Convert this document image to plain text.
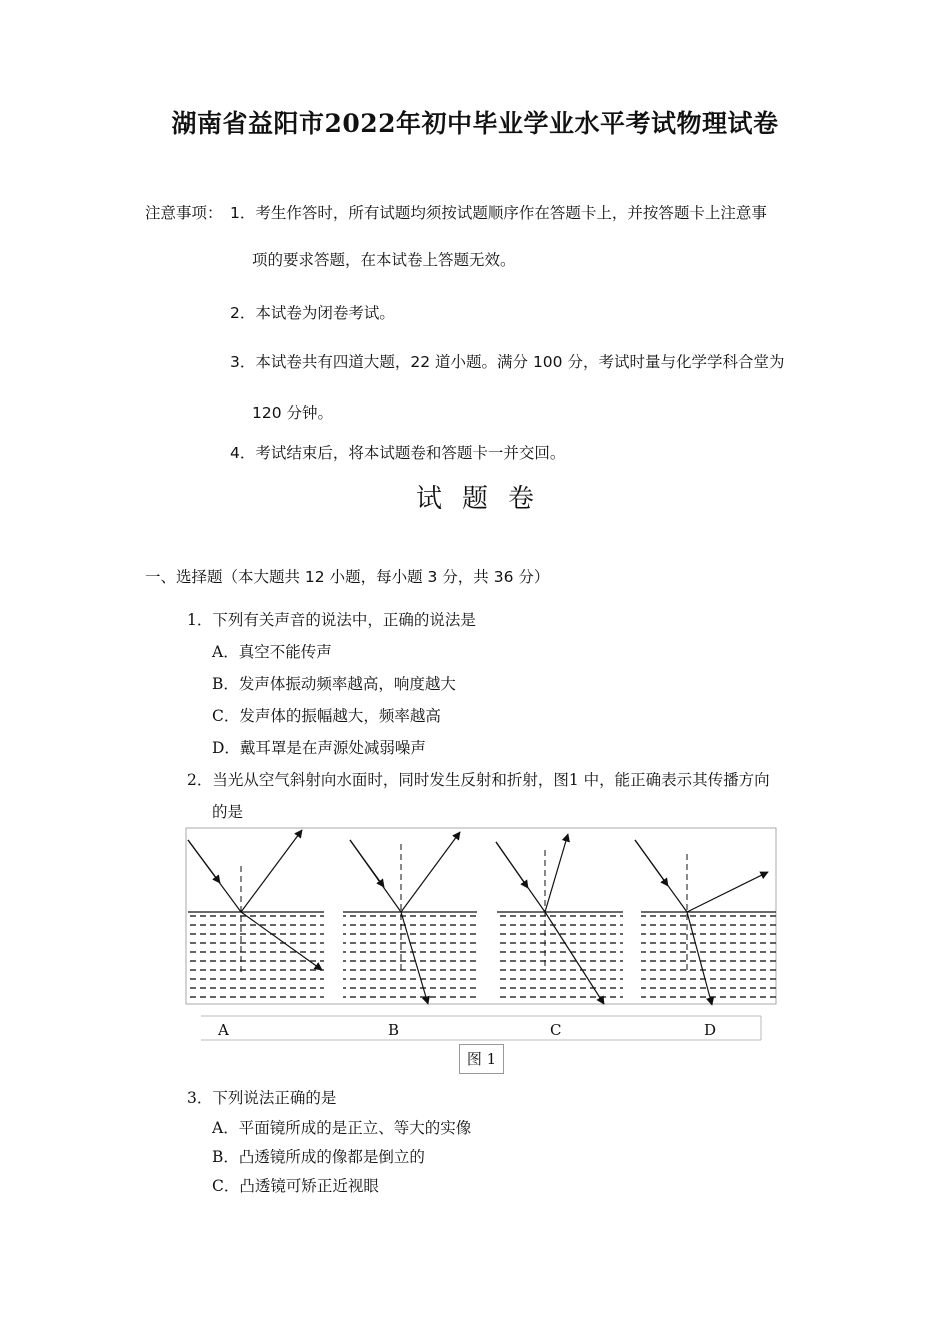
湖南省益阳市2022年初中毕业学业水平考试物理试卷
注意事项： 1．考生作答时，所有试题均须按试题顺序作在答题卡上，并按答题卡上注意事
项的要求答题，在本试卷上答题无效。
2．本试卷为闭卷考试。
3．本试卷共有四道大题，22 道小题。满分 100 分，考试时量与化学学科合堂为
120 分钟。
4．考试结束后，将本试题卷和答题卡一并交回。
试题卷
一、选择题（本大题共 12 小题，每小题 3 分，共 36 分）
1．下列有关声音的说法中，正确的说法是
A．真空不能传声
B．发声体振动频率越高，响度越大
C．发声体的振幅越大，频率越高
D．戴耳罩是在声源处减弱噪声
2．当光从空气斜射向水面时，同时发生反射和折射，图1 中，能正确表示其传播方向
的是
A	B	C	D
图 1
3．下列说法正确的是
A．平面镜所成的是正立、等大的实像
B．凸透镜所成的像都是倒立的
C．凸透镜可矫正近视眼
